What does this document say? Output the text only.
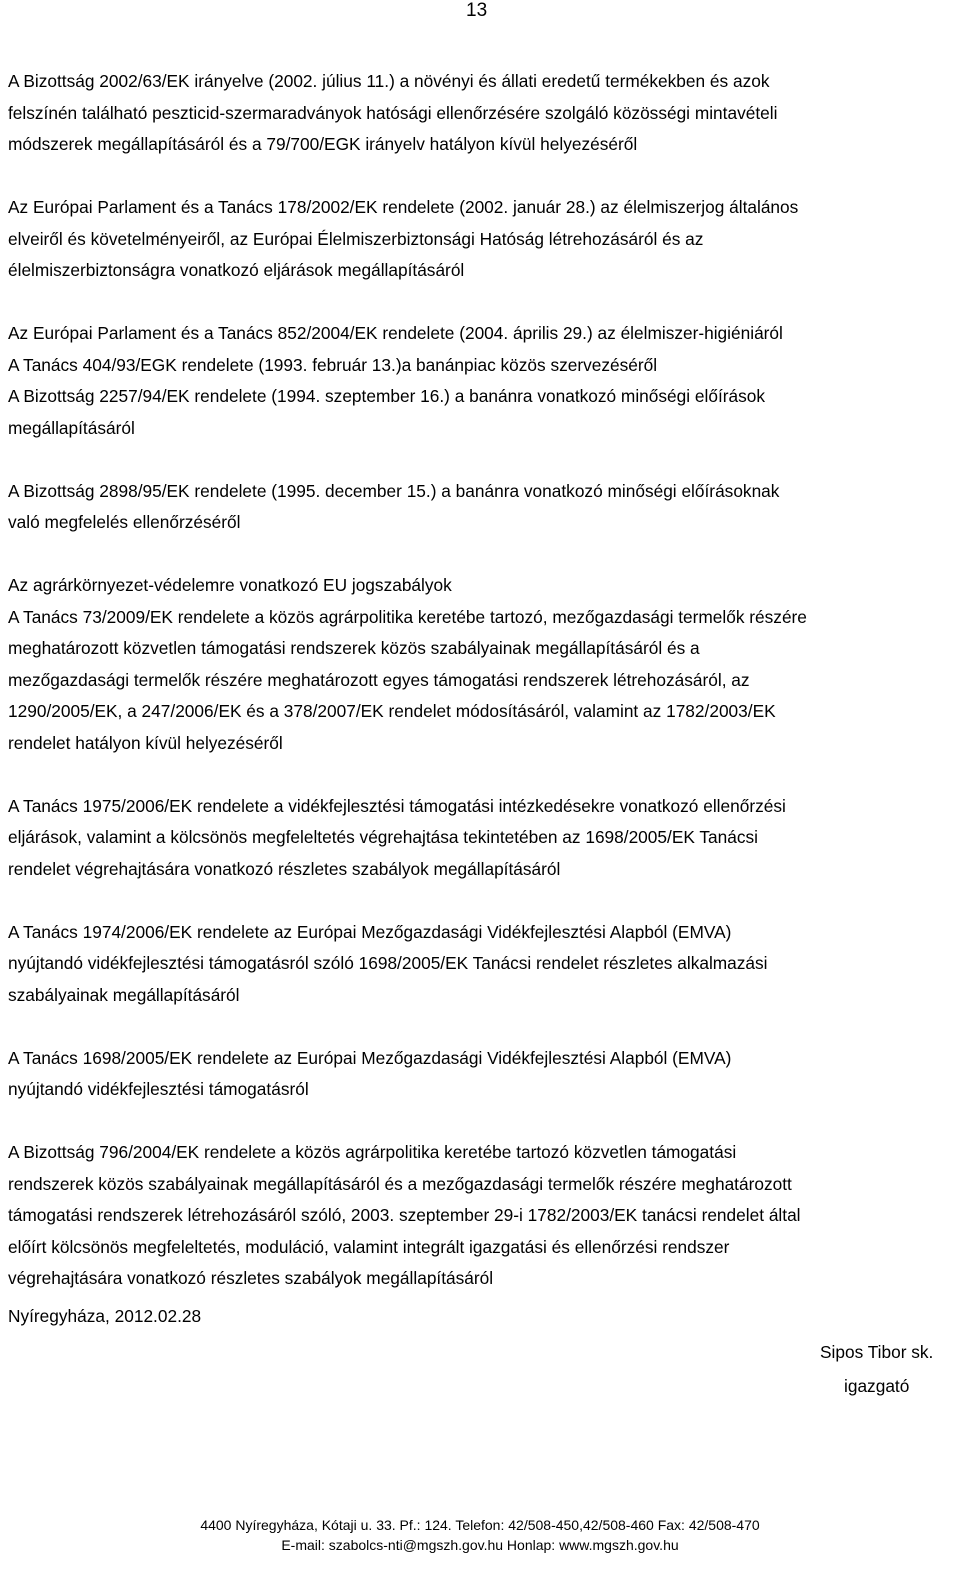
13

A Bizottság 2002/63/EK irányelve (2002. július 11.) a növényi és állati eredetű termékekben és azok
felszínén található peszticid-szermaradványok hatósági ellenőrzésére szolgáló közösségi mintavételi
módszerek megállapításáról és a 79/700/EGK irányelv hatályon kívül helyezéséről

Az Európai Parlament és a Tanács 178/2002/EK rendelete (2002. január 28.) az élelmiszerjog általános
elveiről és követelményeiről, az Európai Élelmiszerbiztonsági Hatóság létrehozásáról és az
élelmiszerbiztonságra vonatkozó eljárások megállapításáról

Az Európai Parlament és a Tanács 852/2004/EK rendelete (2004. április 29.) az élelmiszer-higiéniáról
A Tanács 404/93/EGK rendelete (1993. február 13.)a banánpiac közös szervezéséről
A Bizottság 2257/94/EK rendelete (1994. szeptember 16.) a banánra vonatkozó minőségi előírások
megállapításáról

A Bizottság 2898/95/EK rendelete (1995. december 15.) a banánra vonatkozó minőségi előírásoknak
való megfelelés ellenőrzéséről

Az agrárkörnyezet-védelemre vonatkozó EU jogszabályok
A Tanács 73/2009/EK rendelete a közös agrárpolitika keretébe tartozó, mezőgazdasági termelők részére
meghatározott közvetlen támogatási rendszerek közös szabályainak megállapításáról és a
mezőgazdasági termelők részére meghatározott egyes támogatási rendszerek létrehozásáról, az
1290/2005/EK, a 247/2006/EK és a 378/2007/EK rendelet módosításáról, valamint az 1782/2003/EK
rendelet hatályon kívül helyezéséről

A Tanács 1975/2006/EK rendelete a vidékfejlesztési támogatási intézkedésekre vonatkozó ellenőrzési
eljárások, valamint a kölcsönös megfeleltetés végrehajtása tekintetében az 1698/2005/EK Tanácsi
rendelet végrehajtására vonatkozó részletes szabályok megállapításáról

A Tanács 1974/2006/EK rendelete az Európai Mezőgazdasági Vidékfejlesztési Alapból (EMVA)
nyújtandó vidékfejlesztési támogatásról szóló 1698/2005/EK Tanácsi rendelet részletes alkalmazási
szabályainak megállapításáról

A Tanács 1698/2005/EK rendelete az Európai Mezőgazdasági Vidékfejlesztési Alapból (EMVA)
nyújtandó vidékfejlesztési támogatásról

A Bizottság 796/2004/EK rendelete a közös agrárpolitika keretébe tartozó közvetlen támogatási
rendszerek közös szabályainak megállapításáról és a mezőgazdasági termelők részére meghatározott
támogatási rendszerek létrehozásáról szóló, 2003. szeptember 29-i 1782/2003/EK tanácsi rendelet által
előírt kölcsönös megfeleltetés, moduláció, valamint integrált igazgatási és ellenőrzési rendszer
végrehajtására vonatkozó részletes szabályok megállapításáról

Nyíregyháza, 2012.02.28
Sipos Tibor sk.
igazgató
4400 Nyíregyháza, Kótaji u. 33. Pf.: 124. Telefon: 42/508-450,42/508-460 Fax: 42/508-470
E-mail: szabolcs-nti@mgszh.gov.hu Honlap: www.mgszh.gov.hu
